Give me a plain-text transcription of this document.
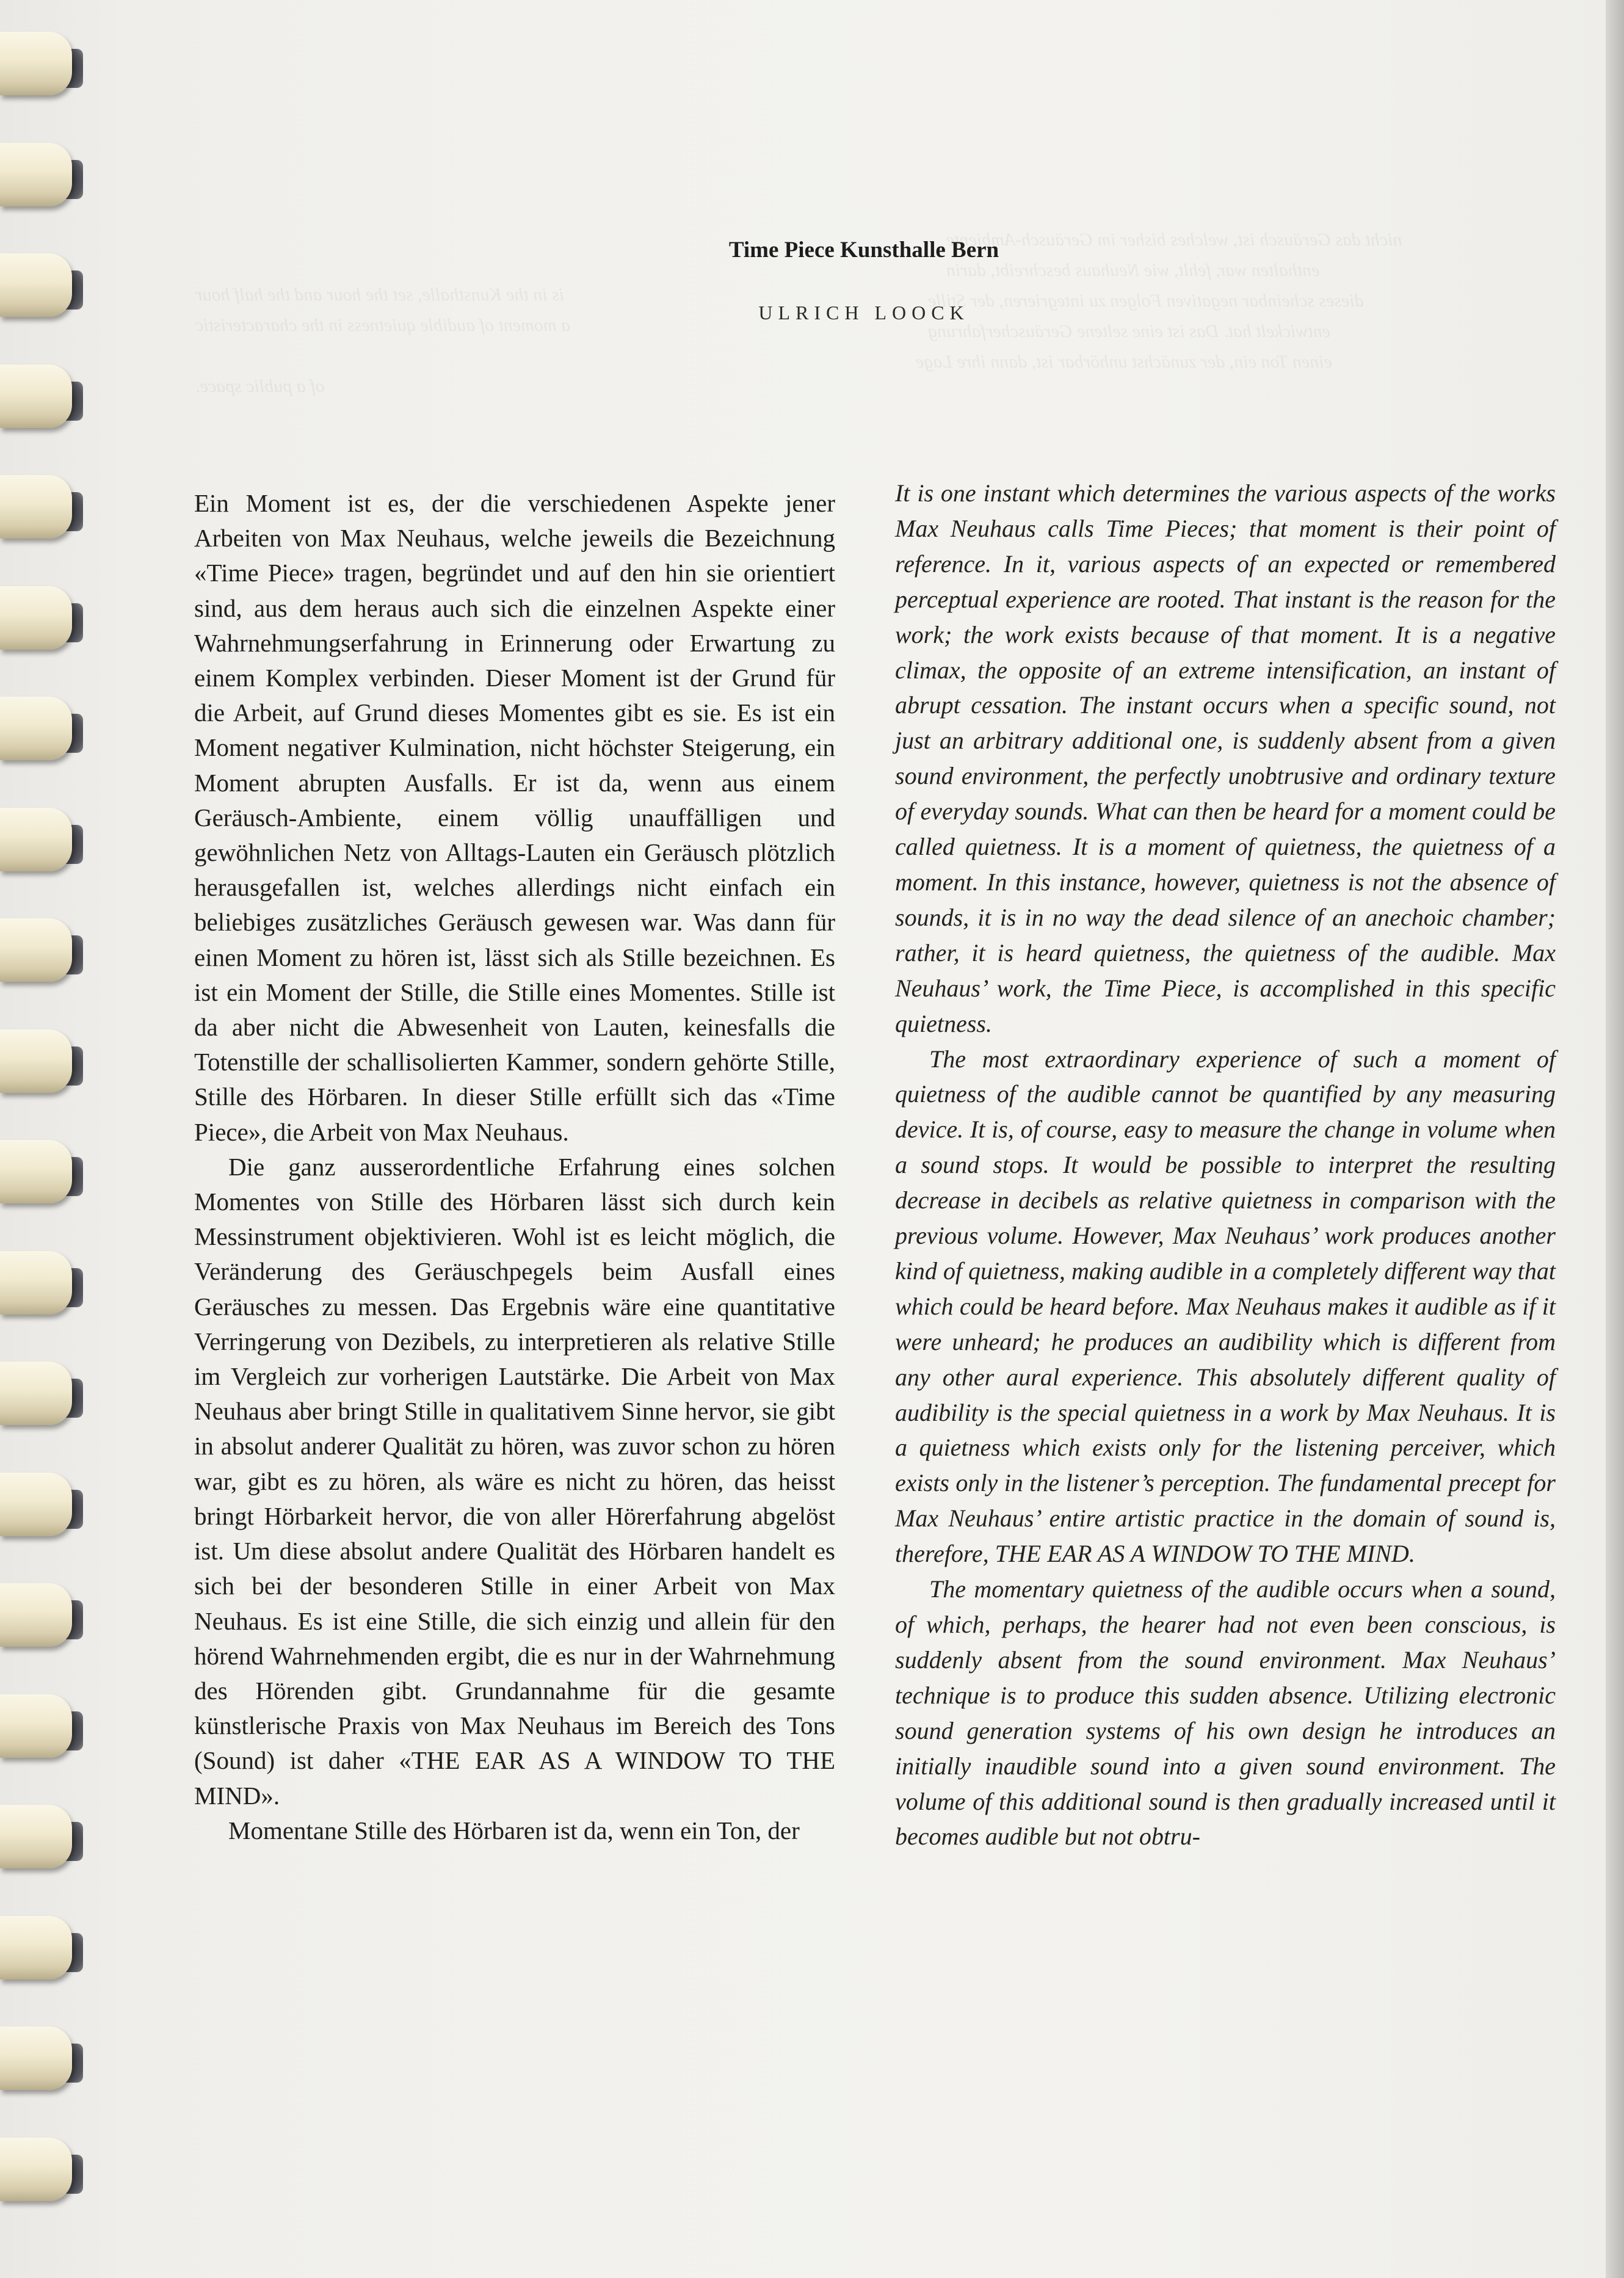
nicht das Geräusch ist, welches bisher im Geräusch-Ambiente
enthalten war, fehlt, wie Neuhaus beschreibt, darin
dieses scheinbar negativen Folgen zu integrieren, der Stille
entwickelt hat. Das ist eine seltene Geräuscherfahrung
einen Ton ein, der zunächst unhörbar ist, dann ihre Lage
is in the Kunsthalle, set the hour and the half hour
a moment of audible quietness in the characteristic
of a public space.
Time Piece Kunsthalle Bern

ULRICH LOOCK

Ein Moment ist es, der die verschiedenen Aspekte jener Arbeiten von Max Neuhaus, welche jeweils die Bezeichnung «Time Piece» tragen, begründet und auf den hin sie orientiert sind, aus dem heraus auch sich die einzelnen Aspekte einer Wahrnehmungserfahrung in Erinnerung oder Erwartung zu einem Komplex verbinden. Dieser Moment ist der Grund für die Arbeit, auf Grund dieses Momentes gibt es sie. Es ist ein Moment negativer Kulmination, nicht höchster Steigerung, ein Moment abrupten Ausfalls. Er ist da, wenn aus einem Geräusch-Ambiente, einem völlig unauffälligen und gewöhnlichen Netz von Alltags-Lauten ein Geräusch plötzlich herausgefallen ist, welches allerdings nicht einfach ein beliebiges zusätzliches Geräusch gewesen war. Was dann für einen Moment zu hören ist, lässt sich als Stille bezeichnen. Es ist ein Moment der Stille, die Stille eines Momentes. Stille ist da aber nicht die Abwesenheit von Lauten, keinesfalls die Totenstille der schallisolierten Kammer, sondern gehörte Stille, Stille des Hörbaren. In dieser Stille erfüllt sich das «Time Piece», die Arbeit von Max Neuhaus.

Die ganz ausserordentliche Erfahrung eines solchen Momentes von Stille des Hörbaren lässt sich durch kein Messinstrument objektivieren. Wohl ist es leicht möglich, die Veränderung des Geräuschpegels beim Ausfall eines Geräusches zu messen. Das Ergebnis wäre eine quantitative Verringerung von Dezibels, zu interpretieren als relative Stille im Vergleich zur vorherigen Lautstärke. Die Arbeit von Max Neuhaus aber bringt Stille in qualitativem Sinne hervor, sie gibt in absolut anderer Qualität zu hören, was zuvor schon zu hören war, gibt es zu hören, als wäre es nicht zu hören, das heisst bringt Hörbarkeit hervor, die von aller Hörerfahrung abgelöst ist. Um diese absolut andere Qualität des Hörbaren handelt es sich bei der besonderen Stille in einer Arbeit von Max Neuhaus. Es ist eine Stille, die sich einzig und allein für den hörend Wahrnehmenden ergibt, die es nur in der Wahrnehmung des Hörenden gibt. Grundannahme für die gesamte künstlerische Praxis von Max Neuhaus im Bereich des Tons (Sound) ist daher «THE EAR AS A WINDOW TO THE MIND».

Momentane Stille des Hörbaren ist da, wenn ein Ton, der

It is one instant which determines the various aspects of the works Max Neuhaus calls Time Pieces; that moment is their point of reference. In it, various aspects of an expected or remembered perceptual experience are rooted. That instant is the reason for the work; the work exists because of that moment. It is a negative climax, the opposite of an extreme intensification, an instant of abrupt cessation. The instant occurs when a specific sound, not just an arbitrary additional one, is suddenly absent from a given sound environment, the perfectly unobtrusive and ordinary texture of everyday sounds. What can then be heard for a moment could be called quietness. It is a moment of quietness, the quietness of a moment. In this instance, however, quietness is not the absence of sounds, it is in no way the dead silence of an anechoic chamber; rather, it is heard quietness, the quietness of the audible. Max Neuhaus’ work, the Time Piece, is accomplished in this specific quietness.

The most extraordinary experience of such a moment of quietness of the audible cannot be quantified by any measuring device. It is, of course, easy to measure the change in volume when a sound stops. It would be possible to interpret the resulting decrease in decibels as relative quietness in comparison with the previous volume. However, Max Neuhaus’ work produces another kind of quietness, making audible in a completely different way that which could be heard before. Max Neuhaus makes it audible as if it were unheard; he produces an audibility which is different from any other aural experience. This absolutely different quality of audibility is the special quietness in a work by Max Neuhaus. It is a quietness which exists only for the listening perceiver, which exists only in the listener’s perception. The fundamental precept for Max Neuhaus’ entire artistic practice in the domain of sound is, therefore, THE EAR AS A WINDOW TO THE MIND.

The momentary quietness of the audible occurs when a sound, of which, perhaps, the hearer had not even been conscious, is suddenly absent from the sound environment. Max Neuhaus’ technique is to produce this sudden absence. Utilizing electronic sound generation systems of his own design he introduces an initially inaudible sound into a given sound environment. The volume of this additional sound is then gradually increased until it becomes audible but not obtru-
